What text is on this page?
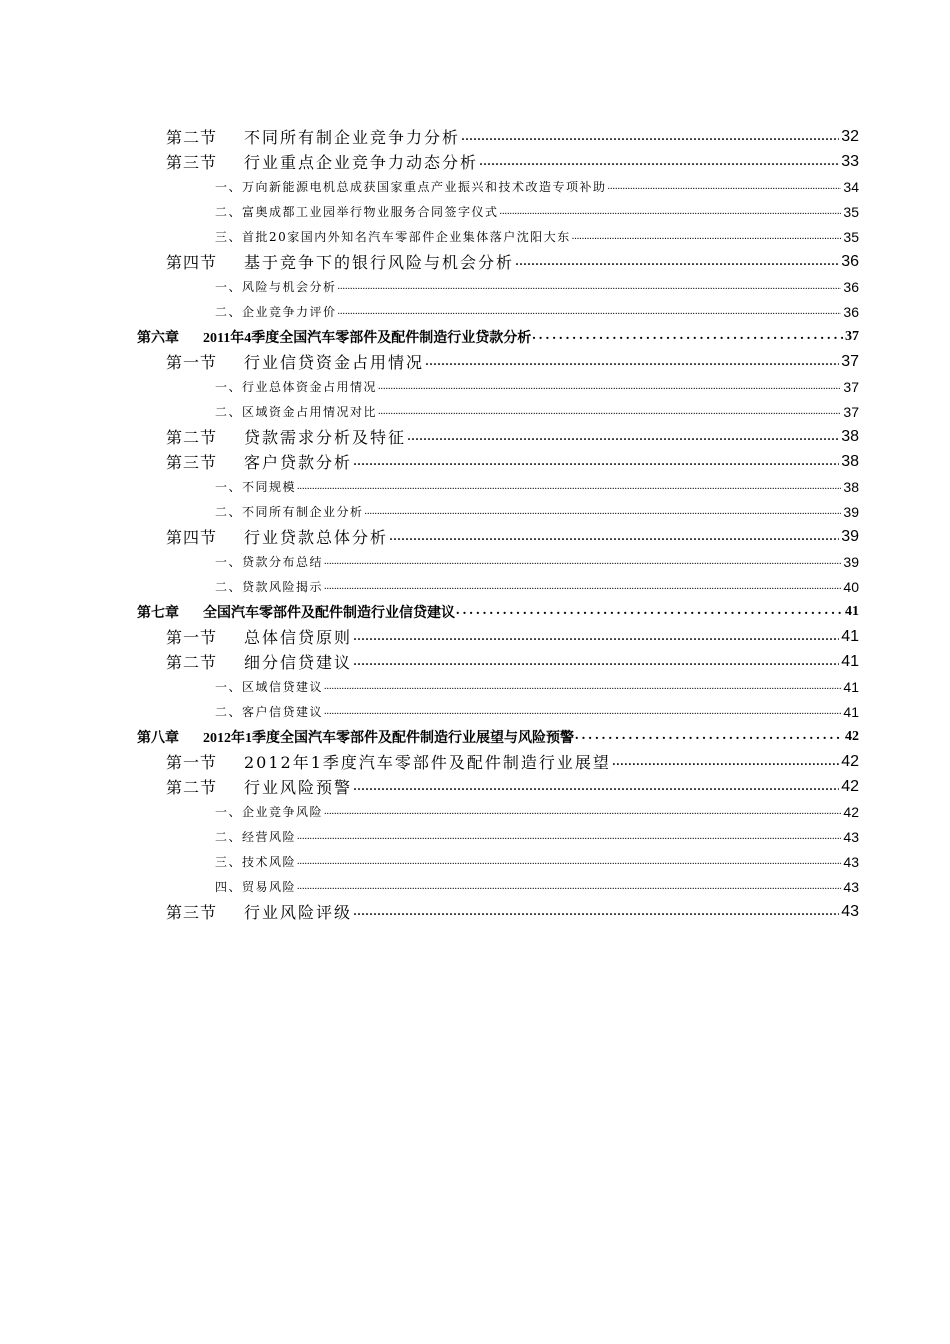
第二节 不同所有制企业竞争力分析 .....	32
第三节 行业重点企业竞争力动态分析 .....	33
一、万向新能源电机总成获国家重点产业振兴和技术改造专项补助 .....	34
二、富奥成都工业园举行物业服务合同签字仪式 .....	35
三、首批20家国内外知名汽车零部件企业集体落户沈阳大东 .....	35
第四节 基于竞争下的银行风险与机会分析 .....	36
一、风险与机会分析 .....	36
二、企业竞争力评价 .....	36
第六章 2011年4季度全国汽车零部件及配件制造行业贷款分析 .....	37
第一节 行业信贷资金占用情况 .....	37
一、行业总体资金占用情况 .....	37
二、区域资金占用情况对比 .....	37
第二节 贷款需求分析及特征 .....	38
第三节 客户贷款分析 .....	38
一、不同规模 .....	38
二、不同所有制企业分析 .....	39
第四节 行业贷款总体分析 .....	39
一、贷款分布总结 .....	39
二、贷款风险揭示 .....	40
第七章 全国汽车零部件及配件制造行业信贷建议 .....	41
第一节 总体信贷原则 .....	41
第二节 细分信贷建议 .....	41
一、区域信贷建议 .....	41
二、客户信贷建议 .....	41
第八章 2012年1季度全国汽车零部件及配件制造行业展望与风险预警 .....	42
第一节 2012年1季度汽车零部件及配件制造行业展望 .....	42
第二节 行业风险预警 .....	42
一、企业竞争风险 .....	42
二、经营风险 .....	43
三、技术风险 .....	43
四、贸易风险 .....	43
第三节 行业风险评级 .....	43
